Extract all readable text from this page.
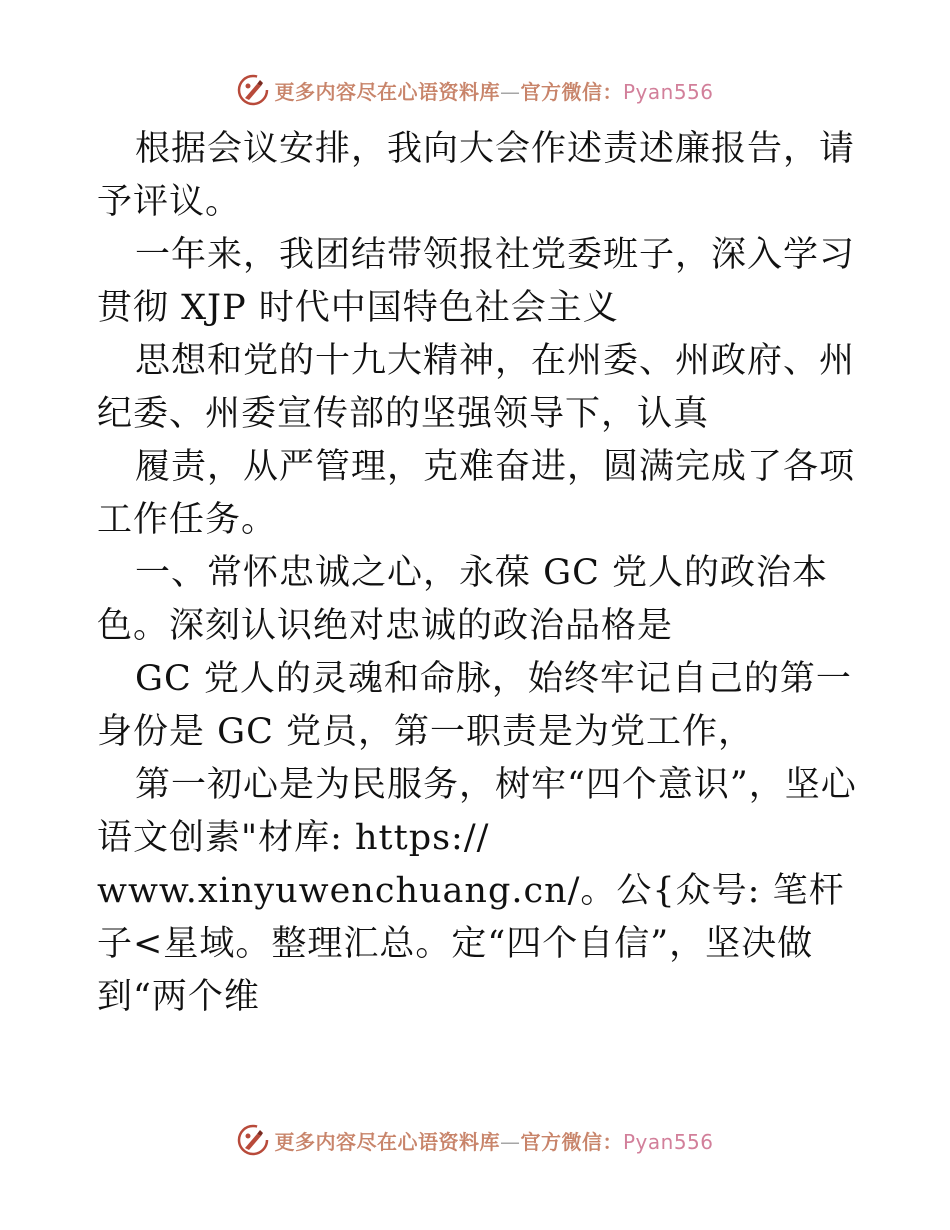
更多内容尽在心语资料库—官方微信：Pyan556

根据会议安排，我向大会作述责述廉报告，请予评议。

一年来，我团结带领报社党委班子，深入学习贯彻 XJP 时代中国特色社会主义

思想和党的十九大精神，在州委、州政府、州纪委、州委宣传部的坚强领导下，认真

履责，从严管理，克难奋进，圆满完成了各项工作任务。

一、常怀忠诚之心，永葆 GC 党人的政治本色。深刻认识绝对忠诚的政治品格是

GC 党人的灵魂和命脉，始终牢记自己的第一身份是 GC 党员，第一职责是为党工作，

第一初心是为民服务，树牢“四个意识”，坚心语文创素"材库: https://

www.xinyuwenchuang.cn/。公{众号: 笔杆子<星域。整理汇总。定“四个自信”，坚决做到“两个维

更多内容尽在心语资料库—官方微信：Pyan556
